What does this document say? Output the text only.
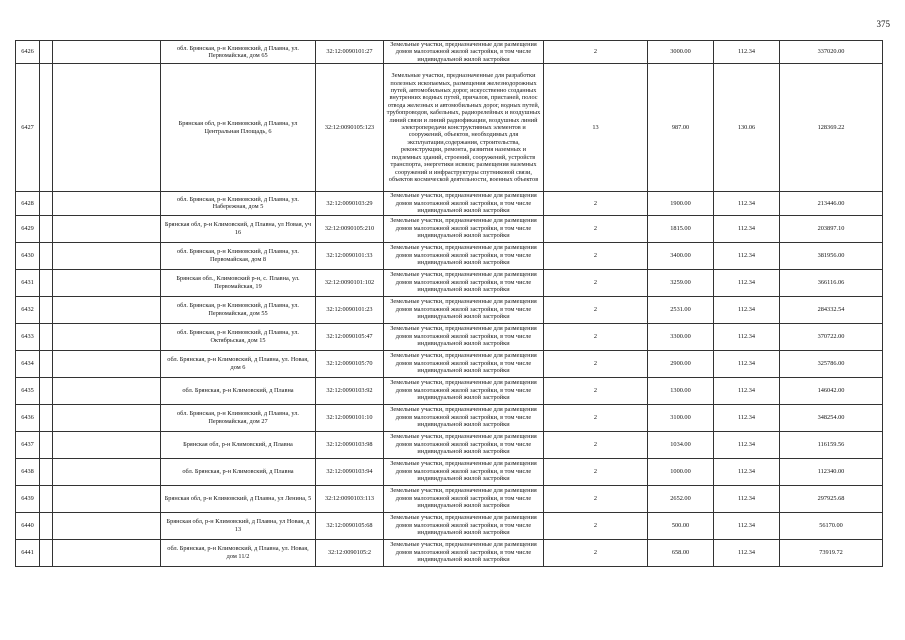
375
6426			обл. Брянская, р-н Климовский, д Плавна, ул. Первомайская, дом 65	32:12:0090101:27	Земельные участки, предназначенные для размещения домов малоэтажной жилой застройки, в том числе индивидуальной жилой застройки	2	3000.00	112.34	337020.00
6427			Брянская обл, р-н Климовский, д Плавна, ул Центральная Площадь, 6	32:12:0090105:123	Земельные участки, предназначенные для разработки полезных ископаемых, размещения железнодорожных путей, автомобильных дорог, искусственно созданных внутренних водных путей, причалов, пристаней, полос отвода железных и автомобильных дорог, водных путей, трубопроводов, кабельных, радиорелейных и воздушных линий связи и линий радиофикации, воздушных линий электропередачи конструктивных элементов и сооружений, объектов, необходимых для эксплуатации,содержания, строительства, реконструкции, ремонта, развития наземных и подземных зданий, строений, сооружений, устройств транспорта, энергетики исвязи; размещения наземных сооружений и инфраструктуры спутниковой связи, объектов космической деятельности, военных объектов	13	987.00	130.06	128369.22
6428			обл. Брянская, р-н Климовский, д Плавна, ул. Набережная, дом 5	32:12:0090103:29	Земельные участки, предназначенные для размещения домов малоэтажной жилой застройки, в том числе индивидуальной жилой застройки	2	1900.00	112.34	213446.00
6429			Брянская обл, р-н Климовский, д Плавна, ул Новая, уч 16	32:12:0090105:210	Земельные участки, предназначенные для размещения домов малоэтажной жилой застройки, в том числе индивидуальной жилой застройки	2	1815.00	112.34	203897.10
6430			обл. Брянская, р-н Климовский, д Плавна, ул. Первомайская, дом 8	32:12:0090101:33	Земельные участки, предназначенные для размещения домов малоэтажной жилой застройки, в том числе индивидуальной жилой застройки	2	3400.00	112.34	381956.00
6431			Брянская обл., Климовский р-н, с. Плавна, ул. Первомайская, 19	32:12:0090101:102	Земельные участки, предназначенные для размещения домов малоэтажной жилой застройки, в том числе индивидуальной жилой застройки	2	3259.00	112.34	366116.06
6432			обл. Брянская, р-н Климовский, д Плавна, ул. Первомайская, дом 55	32:12:0090101:23	Земельные участки, предназначенные для размещения домов малоэтажной жилой застройки, в том числе индивидуальной жилой застройки	2	2531.00	112.34	284332.54
6433			обл. Брянская, р-н Климовский, д Плавна, ул. Октябрьская, дом 15	32:12:0090105:47	Земельные участки, предназначенные для размещения домов малоэтажной жилой застройки, в том числе индивидуальной жилой застройки	2	3300.00	112.34	370722.00
6434			обл. Брянская, р-н Климовский, д Плавна, ул. Новая, дом 6	32:12:0090105:70	Земельные участки, предназначенные для размещения домов малоэтажной жилой застройки, в том числе индивидуальной жилой застройки	2	2900.00	112.34	325786.00
6435			обл. Брянская, р-н Климовский, д Плавна	32:12:0090103:92	Земельные участки, предназначенные для размещения домов малоэтажной жилой застройки, в том числе индивидуальной жилой застройки	2	1300.00	112.34	146042.00
6436			обл. Брянская, р-н Климовский, д Плавна, ул. Первомайская, дом 27	32:12:0090101:10	Земельные участки, предназначенные для размещения домов малоэтажной жилой застройки, в том числе индивидуальной жилой застройки	2	3100.00	112.34	348254.00
6437			Брянская обл, р-н Климовский, д Плавна	32:12:0090103:98	Земельные участки, предназначенные для размещения домов малоэтажной жилой застройки, в том числе индивидуальной жилой застройки	2	1034.00	112.34	116159.56
6438			обл. Брянская, р-н Климовский, д Плавна	32:12:0090103:94	Земельные участки, предназначенные для размещения домов малоэтажной жилой застройки, в том числе индивидуальной жилой застройки	2	1000.00	112.34	112340.00
6439			Брянская обл, р-н Климовский, д Плавна, ул Ленина, 5	32:12:0090103:113	Земельные участки, предназначенные для размещения домов малоэтажной жилой застройки, в том числе индивидуальной жилой застройки	2	2652.00	112.34	297925.68
6440			Брянская обл, р-н Климовский, д Плавна, ул Новая, д 13	32:12:0090105:68	Земельные участки, предназначенные для размещения домов малоэтажной жилой застройки, в том числе индивидуальной жилой застройки	2	500.00	112.34	56170.00
6441			обл. Брянская, р-н Климовский, д Плавна, ул. Новая, дом 11/2	32:12:0090105:2	Земельные участки, предназначенные для размещения домов малоэтажной жилой застройки, в том числе индивидуальной жилой застройки	2	658.00	112.34	73919.72
